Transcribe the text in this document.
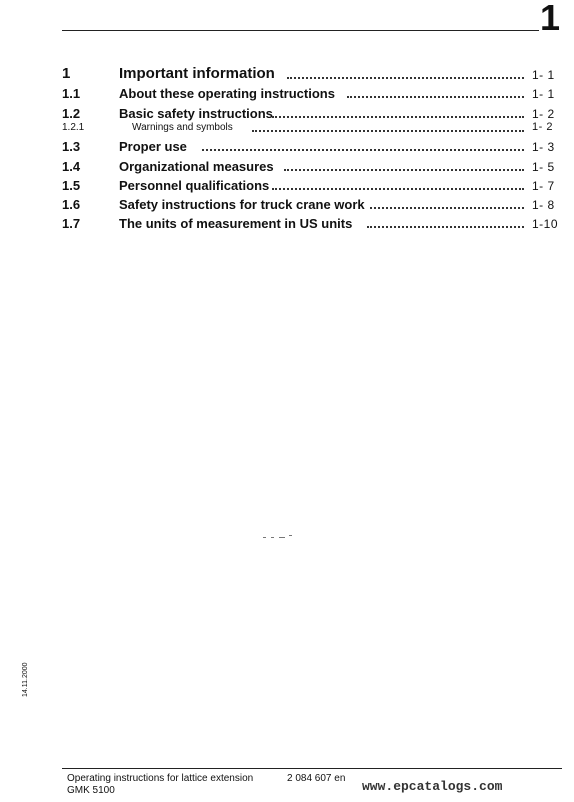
1
1	Important information	1- 1
1.1	About these operating instructions	1- 1
1.2	Basic safety instructions	1- 2
1.2.1	Warnings and symbols	1- 2
1.3	Proper use	1- 3
1.4	Organizational measures	1- 5
1.5	Personnel qualifications	1- 7
1.6	Safety instructions for truck crane work	1- 8
1.7	The units of measurement in US units	1-10
14.11.2000
Operating instructions for lattice extension	2 084 607 en
GMK 5100	www.epcatalogs.com
